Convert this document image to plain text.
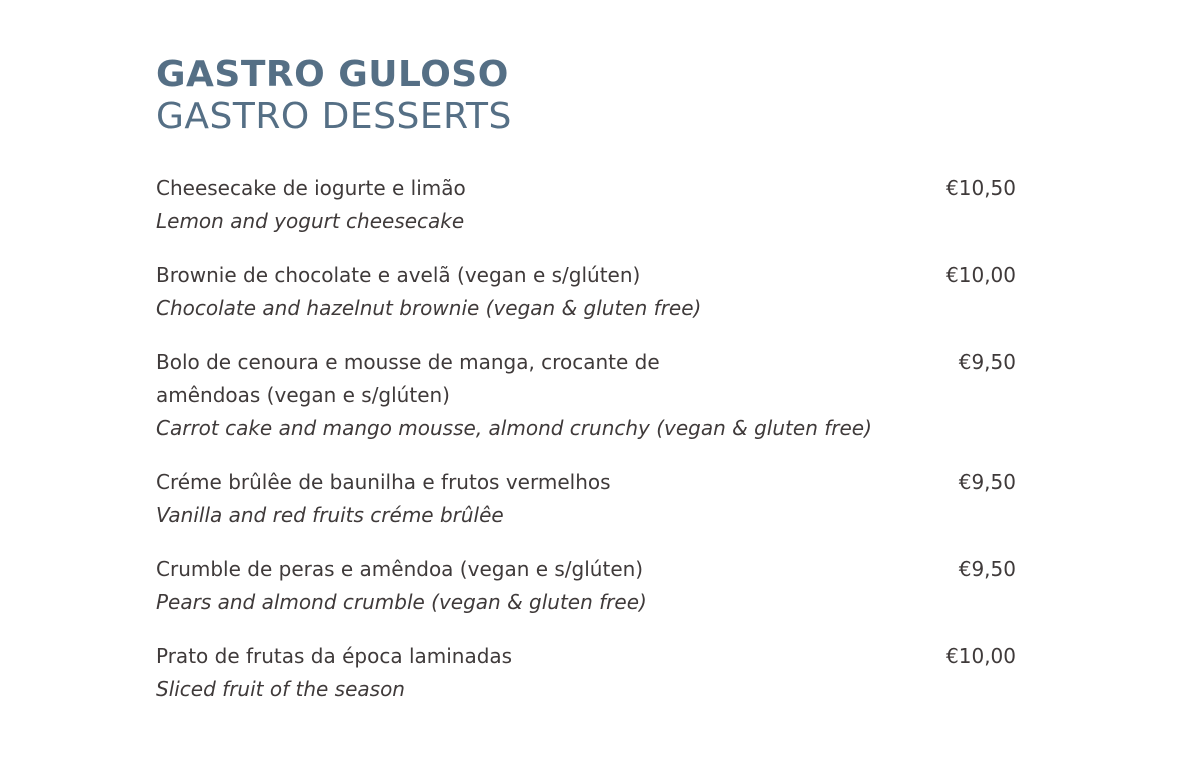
GASTRO GULOSO
GASTRO DESSERTS
Cheesecake de iogurte e limão
Lemon and yogurt cheesecake
€10,50
Brownie de chocolate e avelã (vegan e s/glúten)
Chocolate and hazelnut brownie (vegan & gluten free)
€10,00
Bolo de cenoura e mousse de manga, crocante de amêndoas (vegan e s/glúten)
Carrot cake and mango mousse, almond crunchy (vegan & gluten free)
€9,50
Créme brûlêe de baunilha e frutos vermelhos
Vanilla and red fruits créme brûlêe
€9,50
Crumble de peras e amêndoa (vegan e s/glúten)
Pears and almond crumble (vegan & gluten free)
€9,50
Prato de frutas da época laminadas
Sliced fruit of the season
€10,00
